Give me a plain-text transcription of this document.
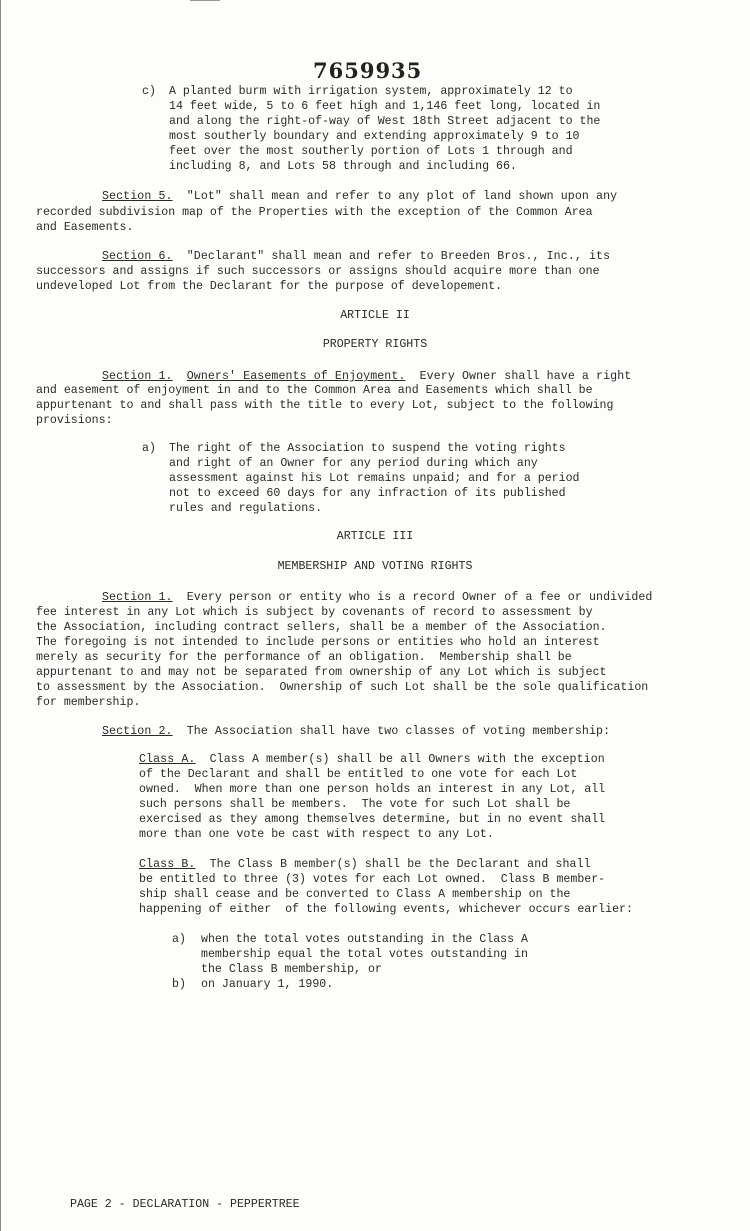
7659935
c) A planted burm with irrigation system, approximately 12 to
14 feet wide, 5 to 6 feet high and 1,146 feet long, located in
and along the right-of-way of West 18th Street adjacent to the
most southerly boundary and extending approximately 9 to 10
feet over the most southerly portion of Lots 1 through and
including 8, and Lots 58 through and including 66.
Section 5. "Lot" shall mean and refer to any plot of land shown upon any
recorded subdivision map of the Properties with the exception of the Common Area
and Easements.
Section 6. "Declarant" shall mean and refer to Breeden Bros., Inc., its
successors and assigns if such successors or assigns should acquire more than one
undeveloped Lot from the Declarant for the purpose of developement.
ARTICLE II
PROPERTY RIGHTS
Section 1. Owners' Easements of Enjoyment. Every Owner shall have a right
and easement of enjoyment in and to the Common Area and Easements which shall be
appurtenant to and shall pass with the title to every Lot, subject to the following
provisions:
a) The right of the Association to suspend the voting rights
and right of an Owner for any period during which any
assessment against his Lot remains unpaid; and for a period
not to exceed 60 days for any infraction of its published
rules and regulations.
ARTICLE III
MEMBERSHIP AND VOTING RIGHTS
Section 1. Every person or entity who is a record Owner of a fee or undivided
fee interest in any Lot which is subject by covenants of record to assessment by
the Association, including contract sellers, shall be a member of the Association.
The foregoing is not intended to include persons or entities who hold an interest
merely as security for the performance of an obligation.  Membership shall be
appurtenant to and may not be separated from ownership of any Lot which is subject
to assessment by the Association.  Ownership of such Lot shall be the sole qualification
for membership.
Section 2. The Association shall have two classes of voting membership:
Class A. Class A member(s) shall be all Owners with the exception
of the Declarant and shall be entitled to one vote for each Lot
owned.  When more than one person holds an interest in any Lot, all
such persons shall be members.  The vote for such Lot shall be
exercised as they among themselves determine, but in no event shall
more than one vote be cast with respect to any Lot.
Class B. The Class B member(s) shall be the Declarant and shall
be entitled to three (3) votes for each Lot owned.  Class B member-
ship shall cease and be converted to Class A membership on the
happening of either  of the following events, whichever occurs earlier:
a) when the total votes outstanding in the Class A
membership equal the total votes outstanding in
the Class B membership, or
b) on January 1, 1990.
PAGE 2 - DECLARATION - PEPPERTREE
